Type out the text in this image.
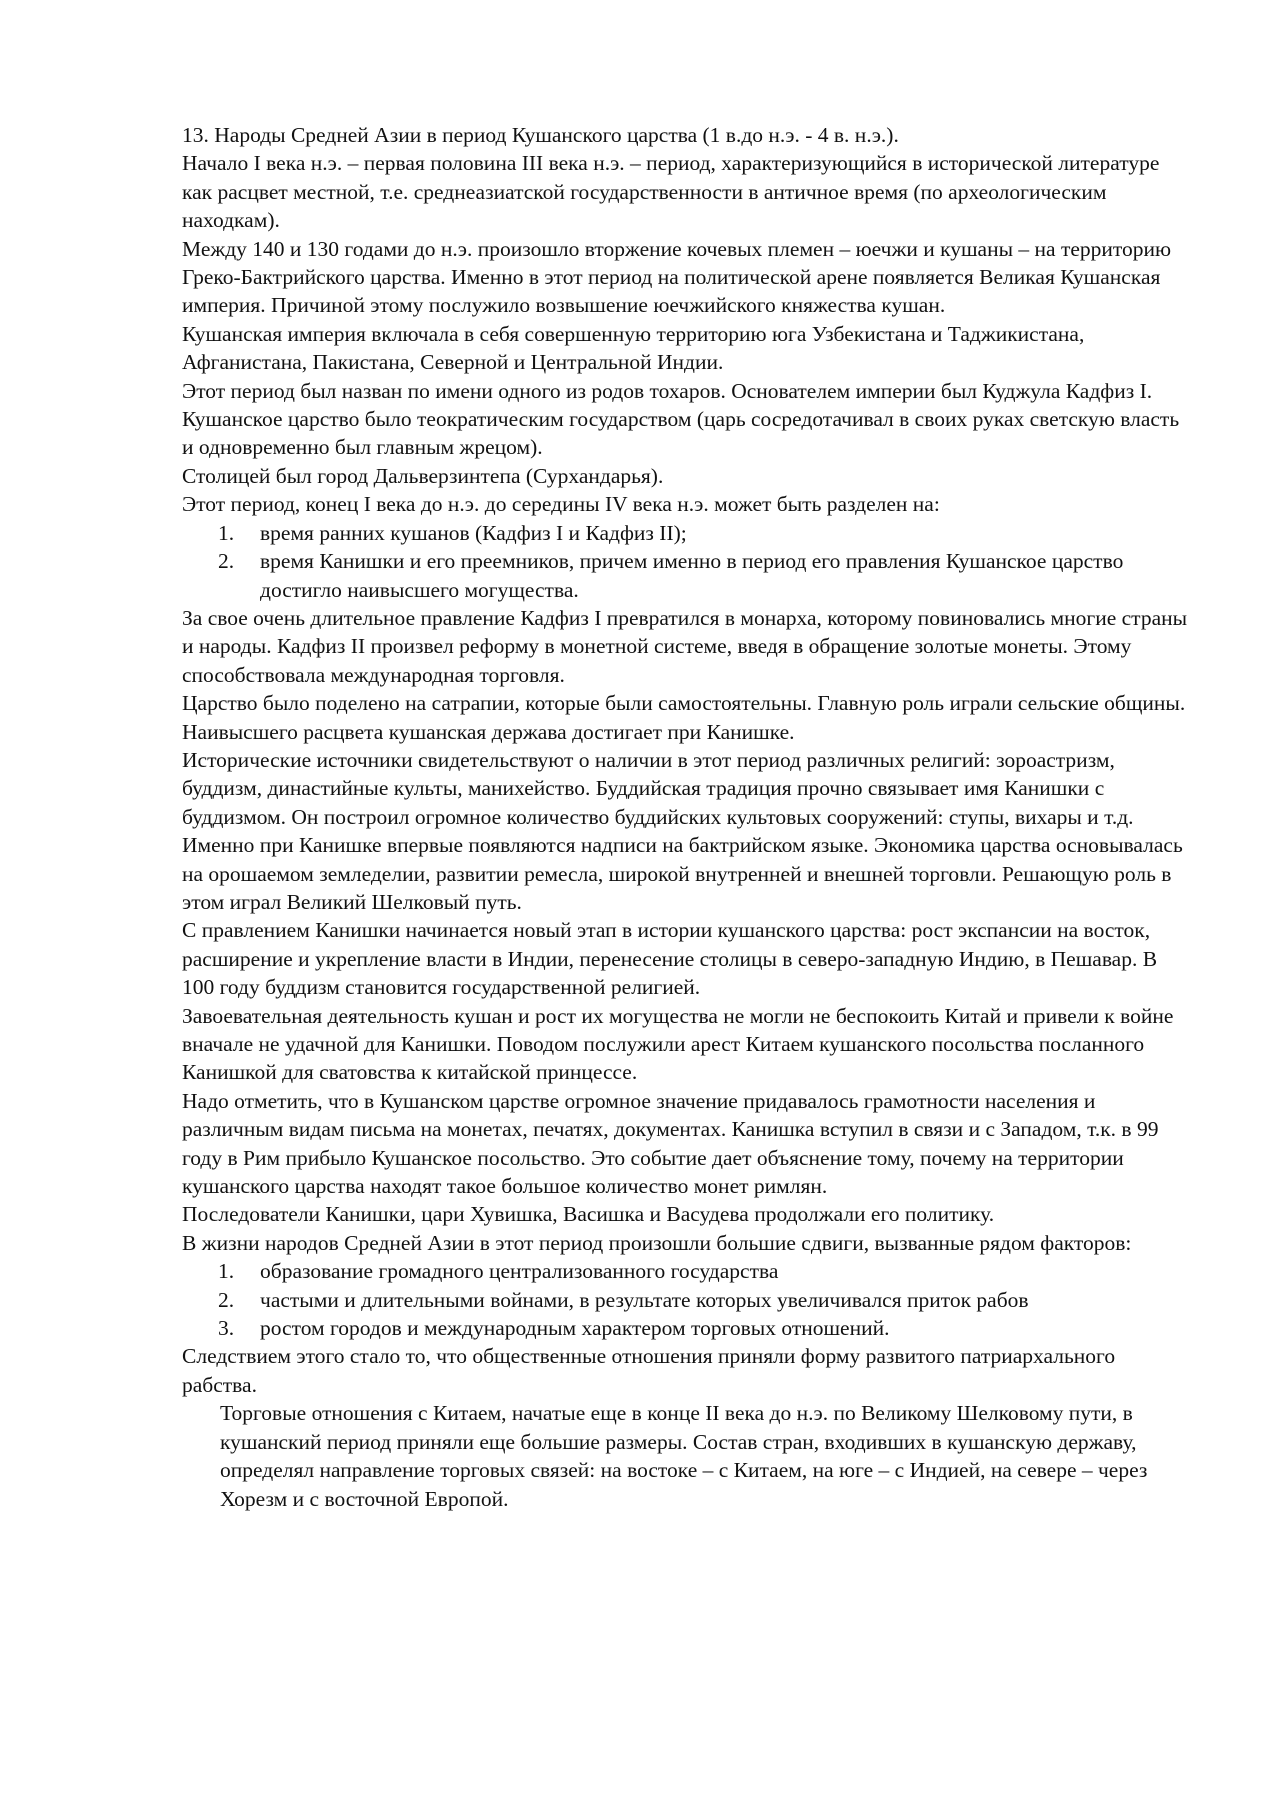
13. Народы Средней Азии в период Кушанского царства (1 в.до н.э. - 4 в. н.э.).

Начало I века н.э. – первая половина III века н.э. – период, характеризующийся в исторической литературе как расцвет местной, т.е. среднеазиатской государственности в античное время (по археологическим находкам).

Между 140 и 130 годами до н.э. произошло вторжение кочевых племен – юечжи и кушаны – на территорию Греко-Бактрийского царства. Именно в этот период на политической арене появляется Великая Кушанская империя. Причиной этому послужило возвышение юечжийского княжества кушан.

Кушанская империя включала в себя совершенную территорию юга Узбекистана и Таджикистана, Афганистана, Пакистана, Северной и Центральной Индии.

Этот период был назван по имени одного из родов тохаров. Основателем империи был Куджула Кадфиз I. Кушанское царство было теократическим государством (царь сосредотачивал в своих руках светскую власть и одновременно был главным жрецом).

Столицей был город Дальверзинтепа (Сурхандарья).

Этот период, конец I века до н.э. до середины IV века н.э. может быть разделен на:

1. время ранних кушанов (Кадфиз I и Кадфиз II);
2. время Канишки и его преемников, причем именно в период его правления Кушанское царство достигло наивысшего могущества.

За свое очень длительное правление Кадфиз I превратился в монарха, которому повиновались многие страны и народы. Кадфиз II произвел реформу в монетной системе, введя в обращение золотые монеты. Этому способствовала международная торговля.

Царство было поделено на сатрапии, которые были самостоятельны. Главную роль играли сельские общины. Наивысшего расцвета кушанская держава достигает при Канишке.

Исторические источники свидетельствуют о наличии в этот период различных религий: зороастризм, буддизм, династийные культы, манихейство. Буддийская традиция прочно связывает имя Канишки с буддизмом. Он построил огромное количество буддийских культовых сооружений: ступы, вихары и т.д.

Именно при Канишке впервые появляются надписи на бактрийском языке. Экономика царства основывалась на орошаемом земледелии, развитии ремесла, широкой внутренней и внешней торговли. Решающую роль в этом играл Великий Шелковый путь.

С правлением Канишки начинается новый этап в истории кушанского царства: рост экспансии на восток, расширение и укрепление власти в Индии, перенесение столицы в северо-западную Индию, в Пешавар. В 100 году буддизм становится государственной религией.

Завоевательная деятельность кушан и рост их могущества не могли не беспокоить Китай и привели к войне вначале не удачной для Канишки. Поводом послужили арест Китаем кушанского посольства посланного Канишкой для сватовства к китайской принцессе.

Надо отметить, что в Кушанском царстве огромное значение придавалось грамотности населения и различным видам письма на монетах, печатях, документах. Канишка вступил в связи и с Западом, т.к. в 99 году в Рим прибыло Кушанское посольство. Это событие дает объяснение тому, почему на территории кушанского царства находят такое большое количество монет римлян.

Последователи Канишки, цари Хувишка, Васишка и Васудева продолжали его политику.

В жизни народов Средней Азии в этот период произошли большие сдвиги, вызванные рядом факторов:

1. образование громадного централизованного государства
2. частыми и длительными войнами, в результате которых увеличивался приток рабов
3. ростом городов и международным характером торговых отношений.

Следствием этого стало то, что общественные отношения приняли форму развитого патриархального рабства.

Торговые отношения с Китаем, начатые еще в конце II века до н.э. по Великому Шелковому пути, в кушанский период приняли еще большие размеры. Состав стран, входивших в кушанскую державу, определял направление торговых связей: на востоке – с Китаем, на юге – с Индией, на севере – через Хорезм и с восточной Европой.
